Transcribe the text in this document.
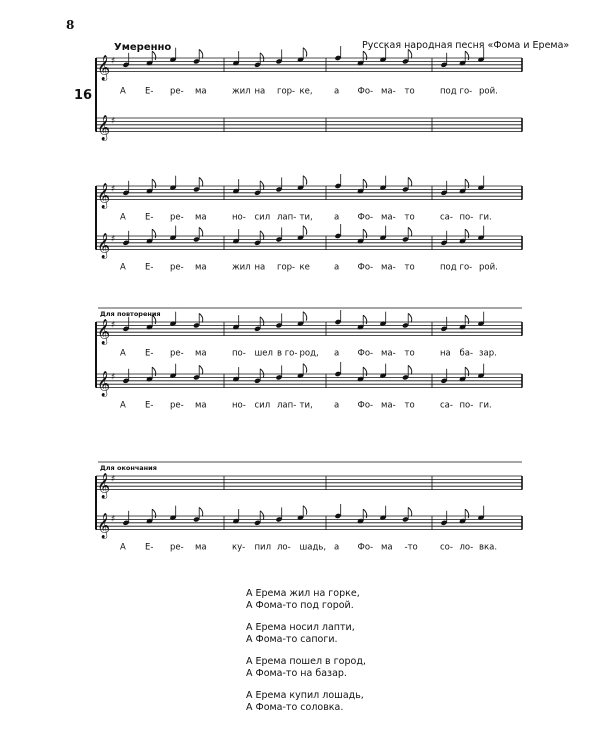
𝄞 ♯
𝄞 ♯
А Е- ре- ма	жил на гор- ке,	а Фо- ма- то	под го- рой.
𝄞 ♯
𝄞 ♯
А Е- ре- ма	но- сил лап- ти,	а Фо- ма- то	са- по- ги.
А Е- ре- ма	жил на гор- ке	а Фо- ма- то	под го- рой.
𝄞 ♯
𝄞 ♯
Для повторения
А Е- ре- ма	по- шел в го- род, а Фо- ма- то	на ба- зар.
А Е- ре- ма	но- сил лап- ти,	а Фо- ма- то	са- по- ги.
𝄞 ♯
𝄞 ♯
Для окончания
А Е- ре- ма	ку- пил ло- шадь, а Фо- ма -то	со- ло- вка.
8
Умеренно	Русская народная песня «Фома и Ерема»
16
А Ерема жил на горке,
А Фома-то под горой.
А Ерема носил лапти,
А Фома-то сапоги.
А Ерема пошел в город,
А Фома-то на базар.
А Ерема купил лошадь,
А Фома-то соловка.
